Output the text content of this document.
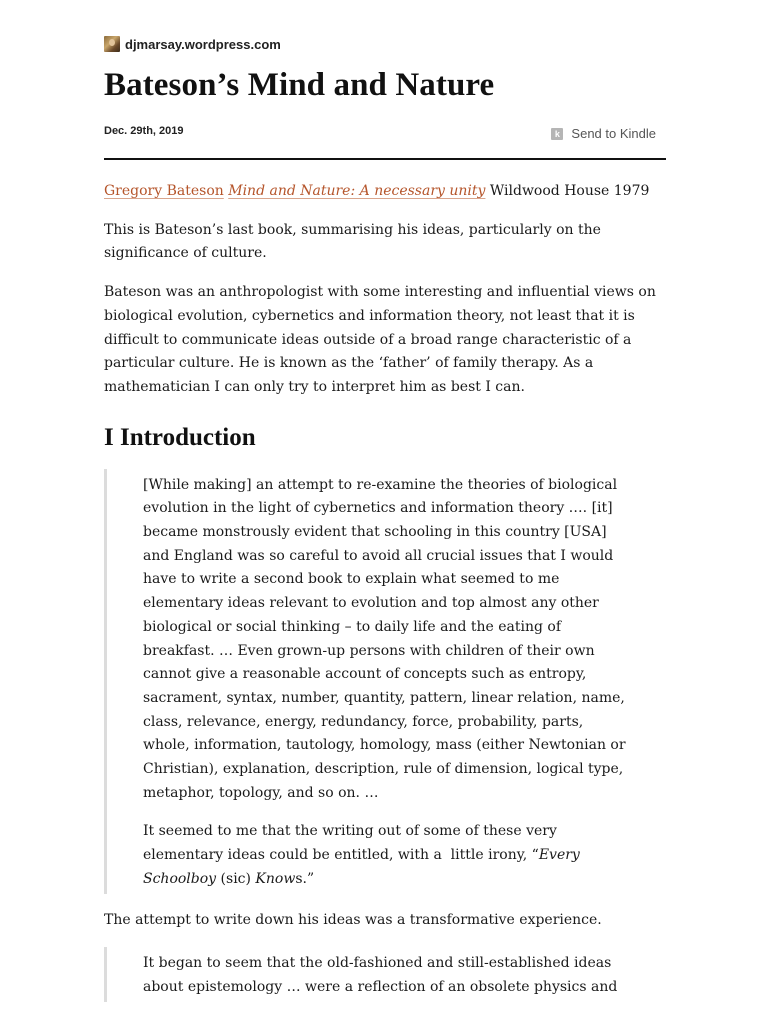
djmarsay.wordpress.com
Bateson’s Mind and Nature
Dec. 29th, 2019	k Send to Kindle

Gregory Bateson Mind and Nature: A necessary unity Wildwood House 1979

This is Bateson’s last book, summarising his ideas, particularly on the significance of culture.

Bateson was an anthropologist with some interesting and influential views on biological evolution, cybernetics and information theory, not least that it is difficult to communicate ideas outside of a broad range characteristic of a particular culture. He is known as the ‘father’ of family therapy. As a mathematician I can only try to interpret him as best I can.

I Introduction

[While making] an attempt to re-examine the theories of biological evolution in the light of cybernetics and information theory …. [it] became monstrously evident that schooling in this country [USA] and England was so careful to avoid all crucial issues that I would have to write a second book to explain what seemed to me elementary ideas relevant to evolution and top almost any other biological or social thinking – to daily life and the eating of breakfast. … Even grown-up persons with children of their own cannot give a reasonable account of concepts such as entropy, sacrament, syntax, number, quantity, pattern, linear relation, name, class, relevance, energy, redundancy, force, probability, parts, whole, information, tautology, homology, mass (either Newtonian or Christian), explanation, description, rule of dimension, logical type, metaphor, topology, and so on. …

It seemed to me that the writing out of some of these very elementary ideas could be entitled, with a  little irony, “Every Schoolboy (sic) Knows.”

The attempt to write down his ideas was a transformative experience.

It began to seem that the old-fashioned and still-established ideas about epistemology … were a reflection of an obsolete physics and
